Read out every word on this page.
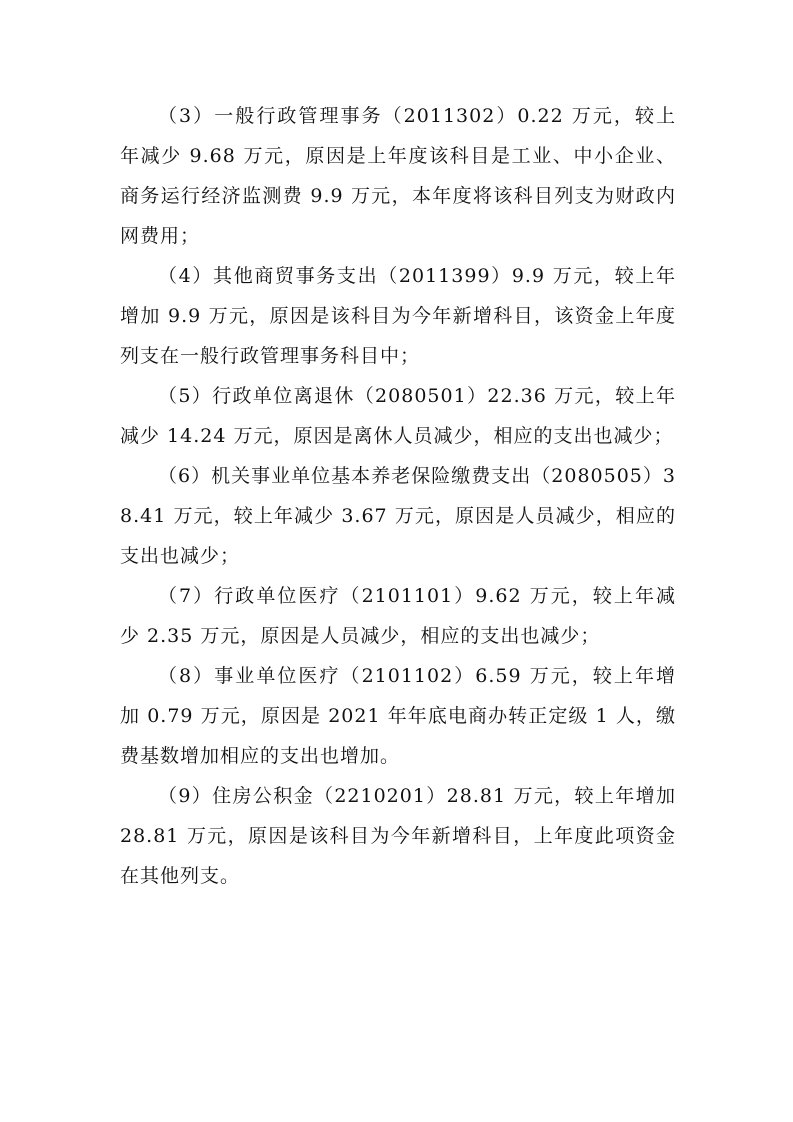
（3）一般行政管理事务（2011302）0.22 万元，较上年减少 9.68 万元，原因是上年度该科目是工业、中小企业、商务运行经济监测费 9.9 万元，本年度将该科目列支为财政内网费用；

（4）其他商贸事务支出（2011399）9.9 万元，较上年增加 9.9 万元，原因是该科目为今年新增科目，该资金上年度列支在一般行政管理事务科目中；

（5）行政单位离退休（2080501）22.36 万元，较上年减少 14.24 万元，原因是离休人员减少，相应的支出也减少；

（6）机关事业单位基本养老保险缴费支出（2080505）38.41 万元，较上年减少 3.67 万元，原因是人员减少，相应的支出也减少；

（7）行政单位医疗（2101101）9.62 万元，较上年减少 2.35 万元，原因是人员减少，相应的支出也减少；

（8）事业单位医疗（2101102）6.59 万元，较上年增加 0.79 万元，原因是 2021 年年底电商办转正定级 1 人，缴费基数增加相应的支出也增加。

（9）住房公积金（2210201）28.81 万元，较上年增加 28.81 万元，原因是该科目为今年新增科目，上年度此项资金在其他列支。
